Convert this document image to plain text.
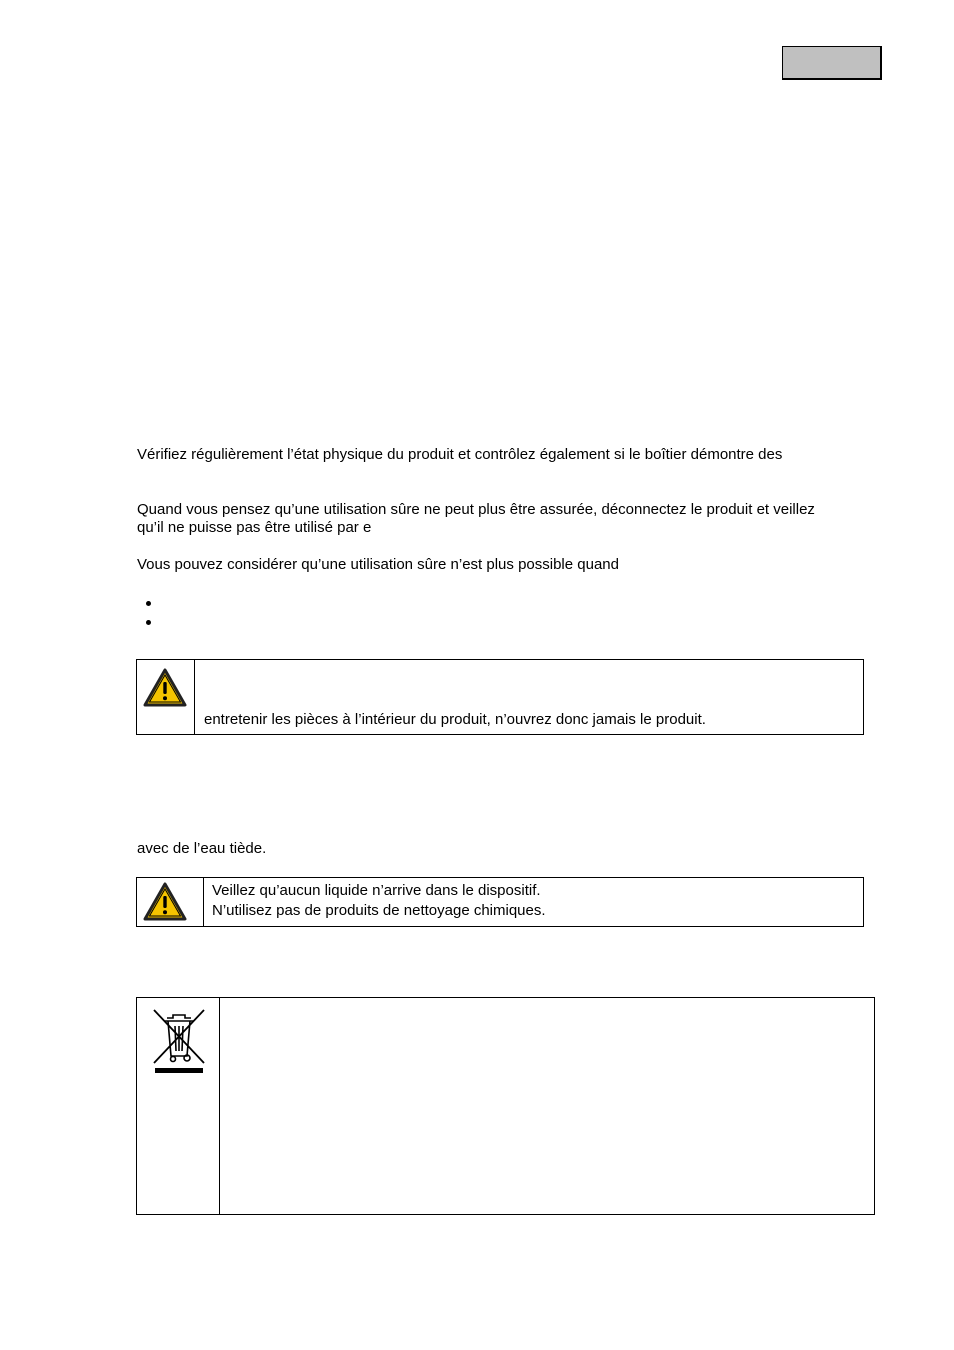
Vérifiez régulièrement l’état physique du produit et contrôlez également si le boîtier démontre des
Quand vous pensez qu’une utilisation sûre ne peut plus être assurée, déconnectez le produit et veillez
qu’il ne puisse pas être utilisé par e
Vous pouvez considérer qu’une utilisation sûre n’est plus possible quand
entretenir les pièces à l’intérieur du produit, n’ouvrez donc jamais le produit.
avec de l’eau tiède.
Veillez qu’aucun liquide n’arrive dans le dispositif.
N’utilisez pas de produits de nettoyage chimiques.
